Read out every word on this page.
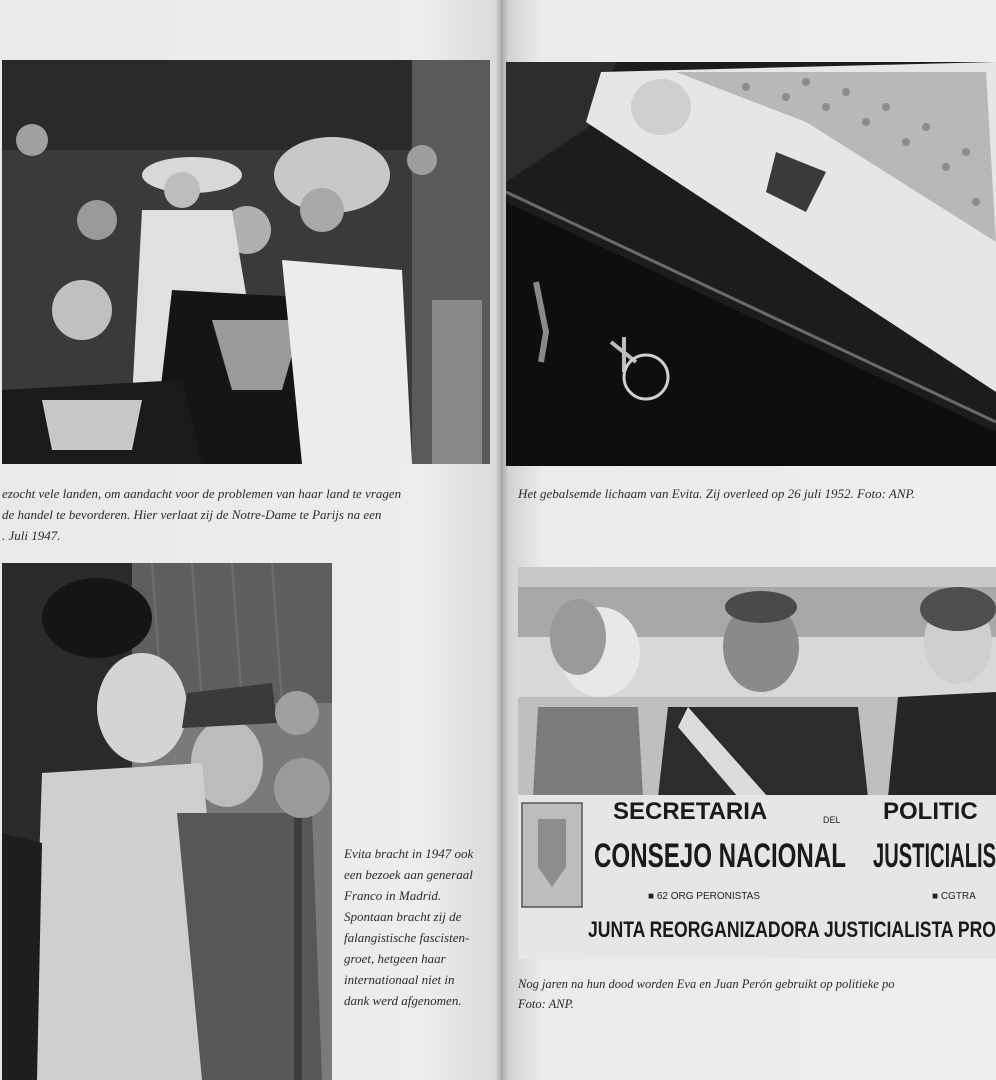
ezocht vele landen, om aandacht voor de problemen van haar land te vragen
de handel te bevorderen. Hier verlaat zij de Notre-Dame te Parijs na een
. Juli 1947.
Het gebalsemde lichaam van Evita. Zij overleed op 26 juli 1952. Foto: ANP.
Evita bracht in 1947 ook
een bezoek aan generaal
Franco in Madrid.
Spontaan bracht zij de
falangistische fascisten-
groet, hetgeen haar
internationaal niet in
dank werd afgenomen.
SECRETARIA	DEL POLITIC
CONSEJO NACIONAL JUSTICIALIS
■ 62 ORG PERONISTAS	■ CGTRA
JUNTA REORGANIZADORA JUSTICIALISTA PRO
Nog jaren na hun dood worden Eva en Juan Perón gebruikt op politieke po
Foto: ANP.
